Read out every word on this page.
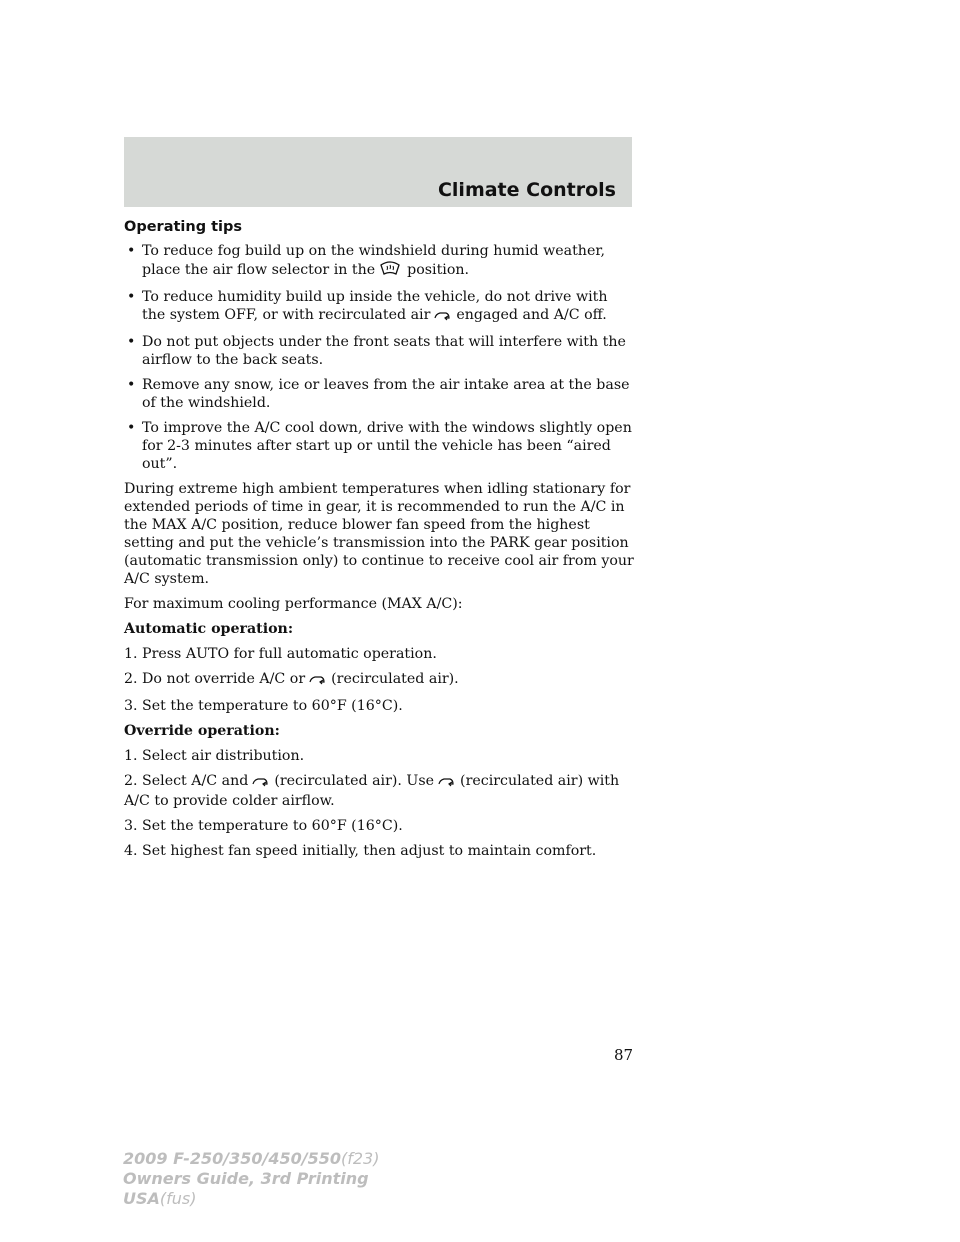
Climate Controls
Operating tips
• To reduce fog build up on the windshield during humid weather, place the air flow selector in the position.
• To reduce humidity build up inside the vehicle, do not drive with the system OFF, or with recirculated air engaged and A/C off.
• Do not put objects under the front seats that will interfere with the airflow to the back seats.
• Remove any snow, ice or leaves from the air intake area at the base of the windshield.
• To improve the A/C cool down, drive with the windows slightly open for 2-3 minutes after start up or until the vehicle has been “aired out”.

During extreme high ambient temperatures when idling stationary for extended periods of time in gear, it is recommended to run the A/C in the MAX A/C position, reduce blower fan speed from the highest setting and put the vehicle’s transmission into the PARK gear position (automatic transmission only) to continue to receive cool air from your A/C system.

For maximum cooling performance (MAX A/C):

Automatic operation:

1. Press AUTO for full automatic operation.

2. Do not override A/C or (recirculated air).

3. Set the temperature to 60°F (16°C).

Override operation:

1. Select air distribution.

2. Select A/C and (recirculated air). Use (recirculated air) with A/C to provide colder airflow.

3. Set the temperature to 60°F (16°C).

4. Set highest fan speed initially, then adjust to maintain comfort.

87
2009 F-250/350/450/550(f23)
Owners Guide, 3rd Printing
USA(fus)
